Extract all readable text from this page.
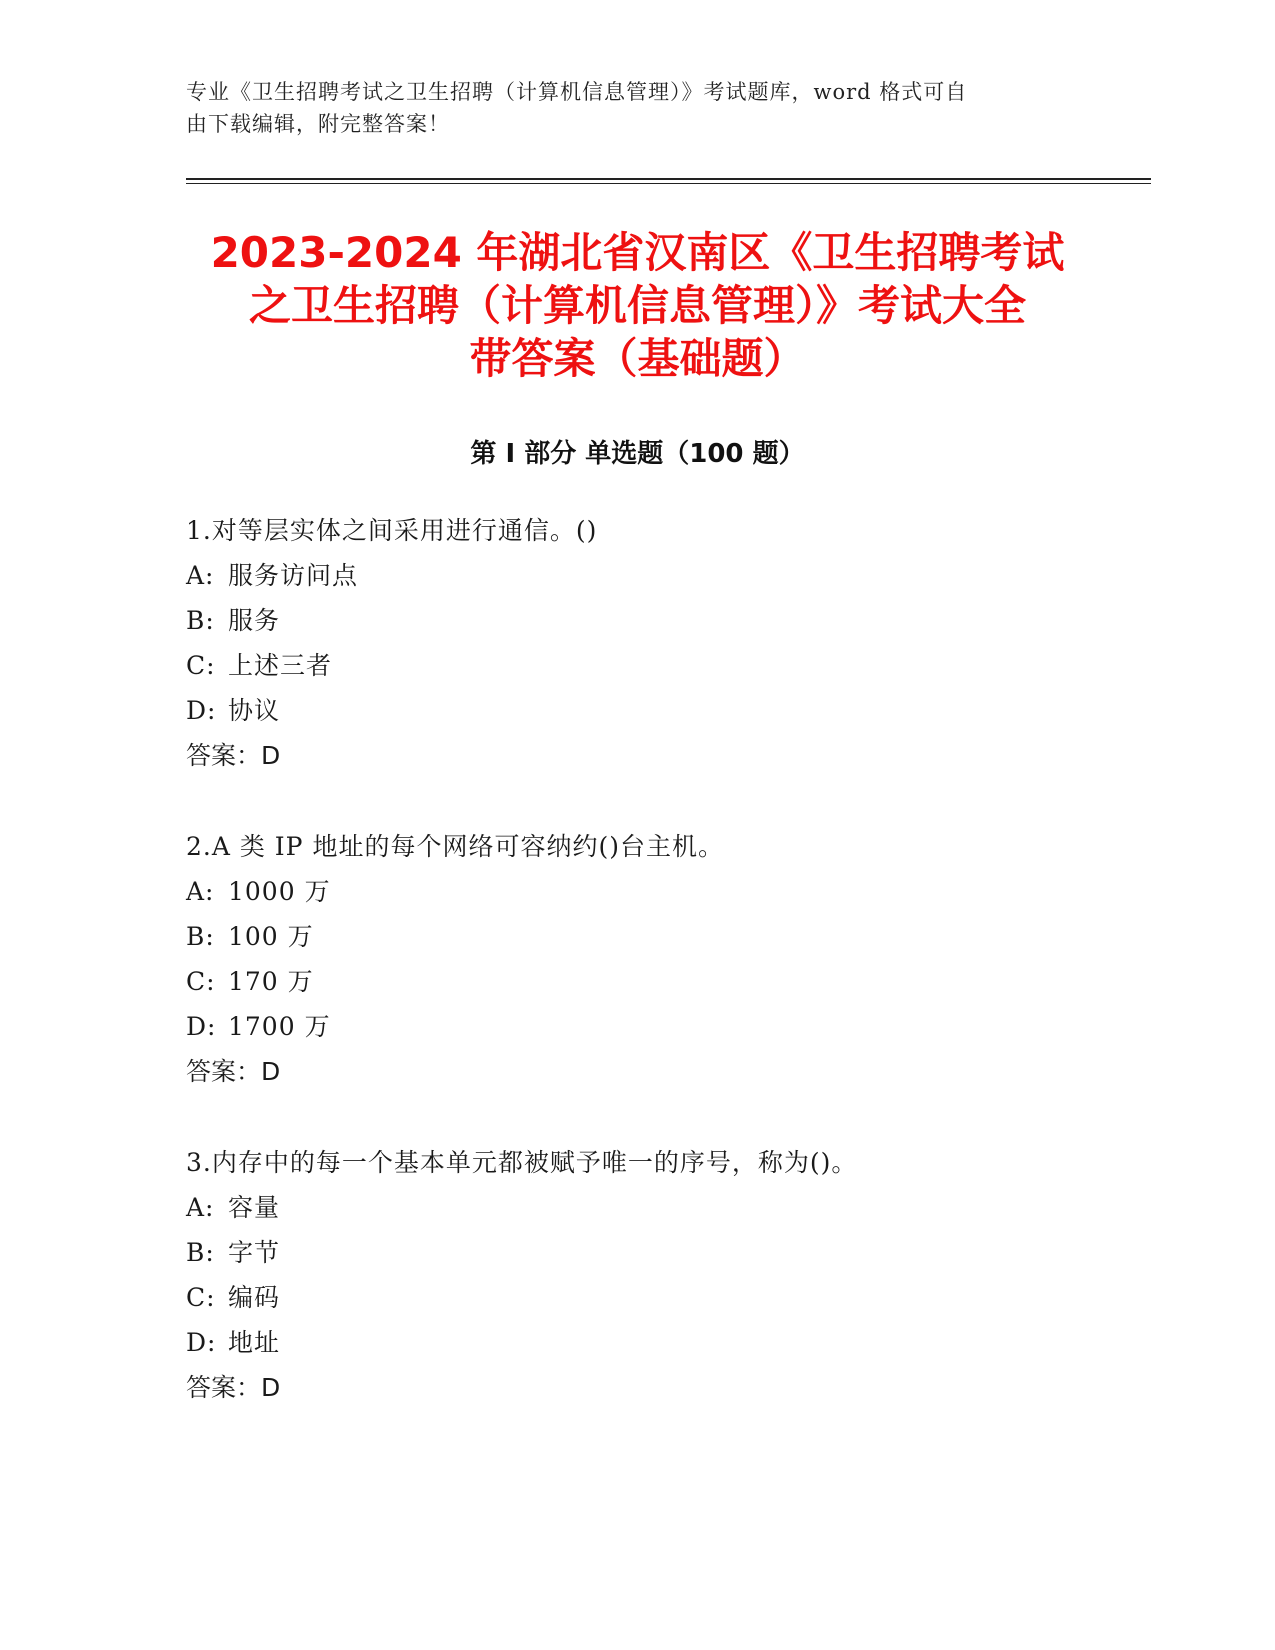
专业《卫生招聘考试之卫生招聘（计算机信息管理）》考试题库，word 格式可自

由下载编辑，附完整答案！

2023-2024 年湖北省汉南区《卫生招聘考试
之卫生招聘（计算机信息管理）》考试大全
带答案（基础题）
第 I 部分 单选题（100 题）
1.对等层实体之间采用进行通信。()
A: 服务访问点
B: 服务
C: 上述三者
D: 协议
答案：D
2.A 类 IP 地址的每个网络可容纳约()台主机。
A: 1000 万
B: 100 万
C: 170 万
D: 1700 万
答案：D
3.内存中的每一个基本单元都被赋予唯一的序号，称为()。
A: 容量
B: 字节
C: 编码
D: 地址
答案：D
